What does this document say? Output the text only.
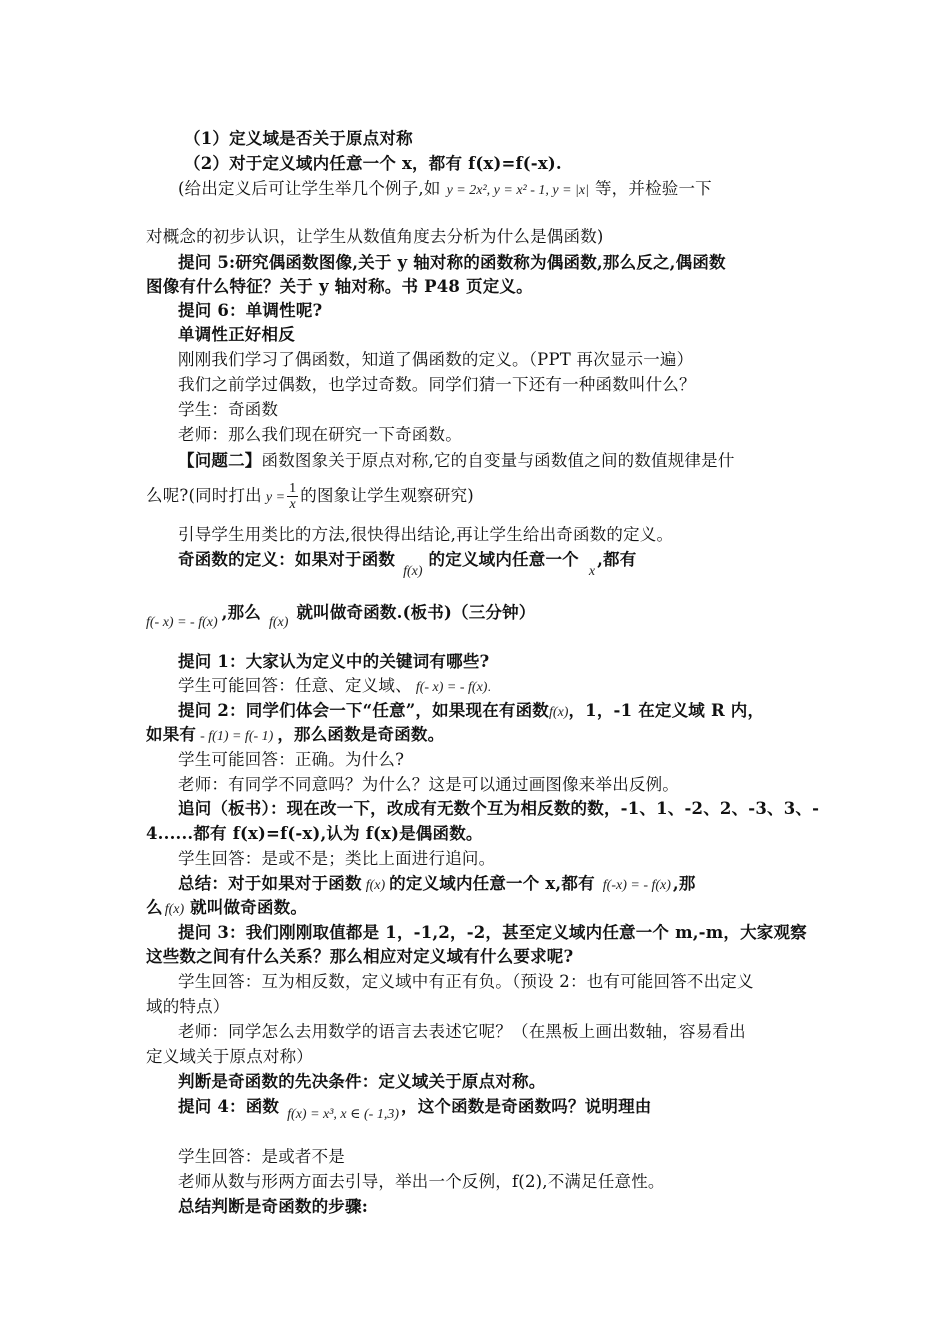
（1）定义域是否关于原点对称
（2）对于定义域内任意一个 x，都有 f(x)=f(-x).
(给出定义后可让学生举几个例子,如 y = 2x², y = x² - 1, y = |x| 等，并检验一下
对概念的初步认识，让学生从数值角度去分析为什么是偶函数)
提问 5:研究偶函数图像,关于 y 轴对称的函数称为偶函数,那么反之,偶函数
图像有什么特征？关于 y 轴对称。书 P48 页定义。
提问 6：单调性呢?
单调性正好相反
刚刚我们学习了偶函数，知道了偶函数的定义。（PPT 再次显示一遍）
我们之前学过偶数，也学过奇数。同学们猜一下还有一种函数叫什么？
学生：奇函数
老师：那么我们现在研究一下奇函数。
【问题二】函数图象关于原点对称,它的自变量与函数值之间的数值规律是什
么呢?(同时打出 $y = \frac{1}{x}$ 的图象让学生观察研究)
引导学生用类比的方法,很快得出结论,再让学生给出奇函数的定义。
奇函数的定义：如果对于函数$_{f(x)}$的定义域内任意一个$_x$,都有
$_{f(- x) = - f(x)}$,那么$_{f(x)}$就叫做奇函数.(板书)（三分钟）
提问 1：大家认为定义中的关键词有哪些?
学生可能回答：任意、定义域、 f(- x) = - f(x).
提问 2：同学们体会一下“任意”，如果现在有函数f(x)，1，-1 在定义域 R 内，
如果有 - f(1) = f(- 1) ，那么函数是奇函数。
学生可能回答：正确。为什么?
老师：有同学不同意吗？为什么？这是可以通过画图像来举出反例。
追问（板书）：现在改一下，改成有无数个互为相反数的数，-1、1、-2、2、-3、3、-
4......都有 f(x)=f(-x),认为 f(x)是偶函数。
学生回答：是或不是；类比上面进行追问。
总结：对于如果对于函数 f(x) 的定义域内任意一个 x,都有 f(-x) = - f(x) ,那
么 f(x) 就叫做奇函数。
提问 3：我们刚刚取值都是 1，-1,2，-2，甚至定义域内任意一个 m,-m，大家观察
这些数之间有什么关系？那么相应对定义域有什么要求呢?
学生回答：互为相反数，定义域中有正有负。（预设 2：也有可能回答不出定义
域的特点）
老师：同学怎么去用数学的语言去表述它呢？（在黑板上画出数轴，容易看出
定义域关于原点对称）
判断是奇函数的先决条件：定义域关于原点对称。
提问 4：函数 $_{f(x) = x^3, x \in (- 1,3)}$ ，这个函数是奇函数吗？说明理由
学生回答：是或者不是
老师从数与形两方面去引导，举出一个反例，f(2),不满足任意性。
总结判断是奇函数的步骤:
